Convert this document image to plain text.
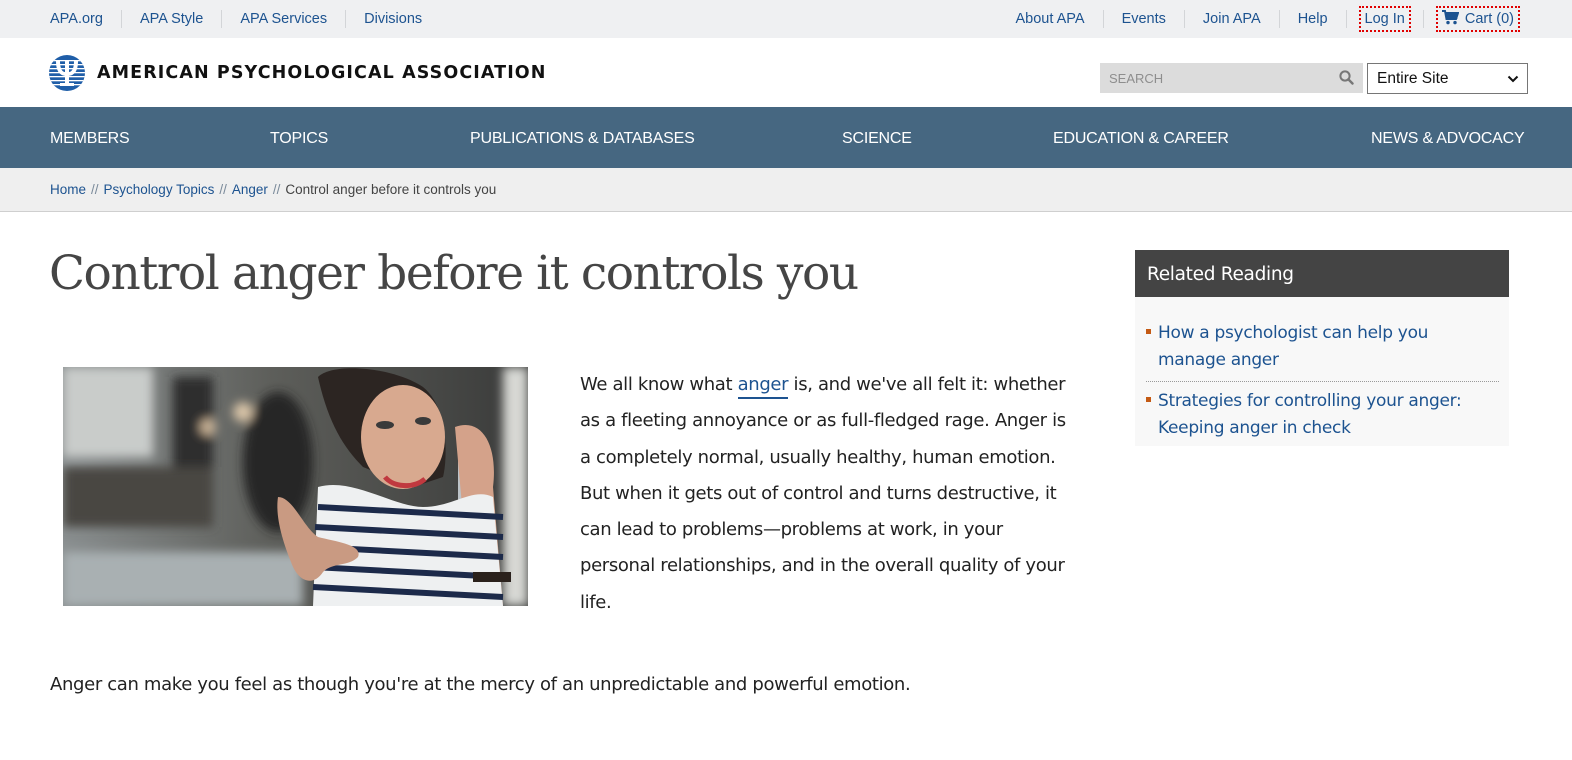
APA.org	APA Style	APA Services	Divisions	About APA	Events	Join APA	Help	Log In	Cart (0)
AMERICAN PSYCHOLOGICAL ASSOCIATION
SEARCH	Entire Site
MEMBERS	TOPICS	PUBLICATIONS & DATABASES	SCIENCE	EDUCATION & CAREER	NEWS & ADVOCACY
Home // Psychology Topics // Anger // Control anger before it controls you
Control anger before it controls you

We all know what anger is, and we've all felt it: whether as a fleeting annoyance or as full-fledged rage. Anger is a completely normal, usually healthy, human emotion. But when it gets out of control and turns destructive, it can lead to problems—problems at work, in your personal relationships, and in the overall quality of your life.

Anger can make you feel as though you're at the mercy of an unpredictable and powerful emotion.

Related Reading
How a psychologist can help you manage anger
Strategies for controlling your anger: Keeping anger in check
